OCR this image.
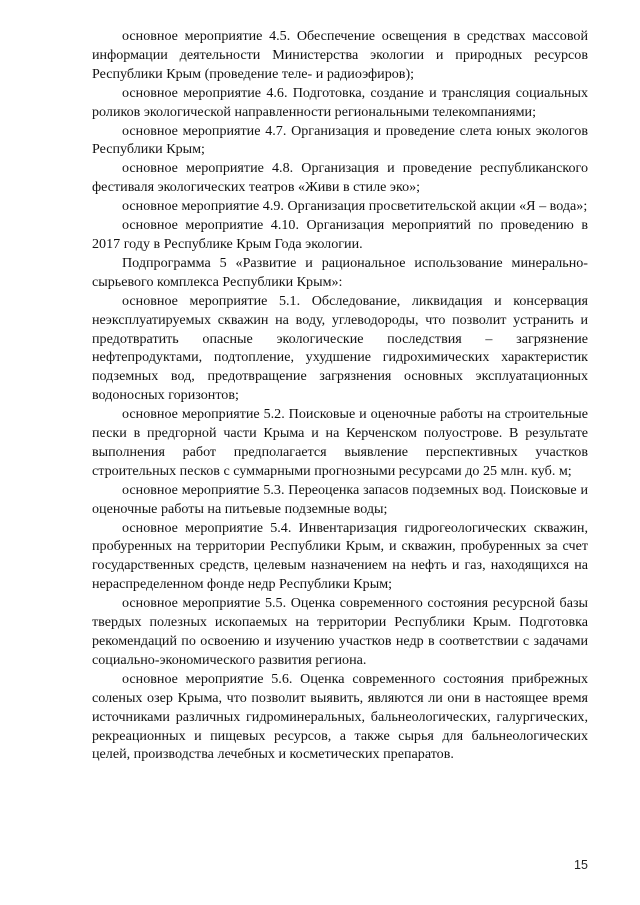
основное мероприятие 4.5. Обеспечение освещения в средствах массовой информации деятельности Министерства экологии и природных ресурсов Республики Крым (проведение теле- и радиоэфиров);

основное мероприятие 4.6. Подготовка, создание и трансляция социальных роликов экологической направленности региональными телекомпаниями;

основное мероприятие 4.7. Организация и проведение слета юных экологов Республики Крым;

основное мероприятие 4.8. Организация и проведение республиканского фестиваля экологических театров «Живи в стиле эко»;

основное мероприятие 4.9. Организация просветительской акции «Я – вода»;

основное мероприятие 4.10. Организация мероприятий по проведению в 2017 году в Республике Крым Года экологии.

Подпрограмма 5 «Развитие и рациональное использование минерально-сырьевого комплекса Республики Крым»:

основное мероприятие 5.1. Обследование, ликвидация и консервация неэксплуатируемых скважин на воду, углеводороды, что позволит устранить и предотвратить опасные экологические последствия – загрязнение нефтепродуктами, подтопление, ухудшение гидрохимических характеристик подземных вод, предотвращение загрязнения основных эксплуатационных водоносных горизонтов;

основное мероприятие 5.2. Поисковые и оценочные работы на строительные пески в предгорной части Крыма и на Керченском полуострове. В результате выполнения работ предполагается выявление перспективных участков строительных песков с суммарными прогнозными ресурсами до 25 млн. куб. м;

основное мероприятие 5.3. Переоценка запасов подземных вод. Поисковые и оценочные работы на питьевые подземные воды;

основное мероприятие 5.4. Инвентаризация гидрогеологических скважин, пробуренных на территории Республики Крым, и скважин, пробуренных за счет государственных средств, целевым назначением на нефть и газ, находящихся на нераспределенном фонде недр Республики Крым;

основное мероприятие 5.5. Оценка современного состояния ресурсной базы твердых полезных ископаемых на территории Республики Крым. Подготовка рекомендаций по освоению и изучению участков недр в соответствии с задачами социально-экономического развития региона.

основное мероприятие 5.6. Оценка современного состояния прибрежных соленых озер Крыма, что позволит выявить, являются ли они в настоящее время источниками различных гидроминеральных, бальнеологических, галургических, рекреационных и пищевых ресурсов, а также сырья для бальнеологических целей, производства лечебных и косметических препаратов.

15
